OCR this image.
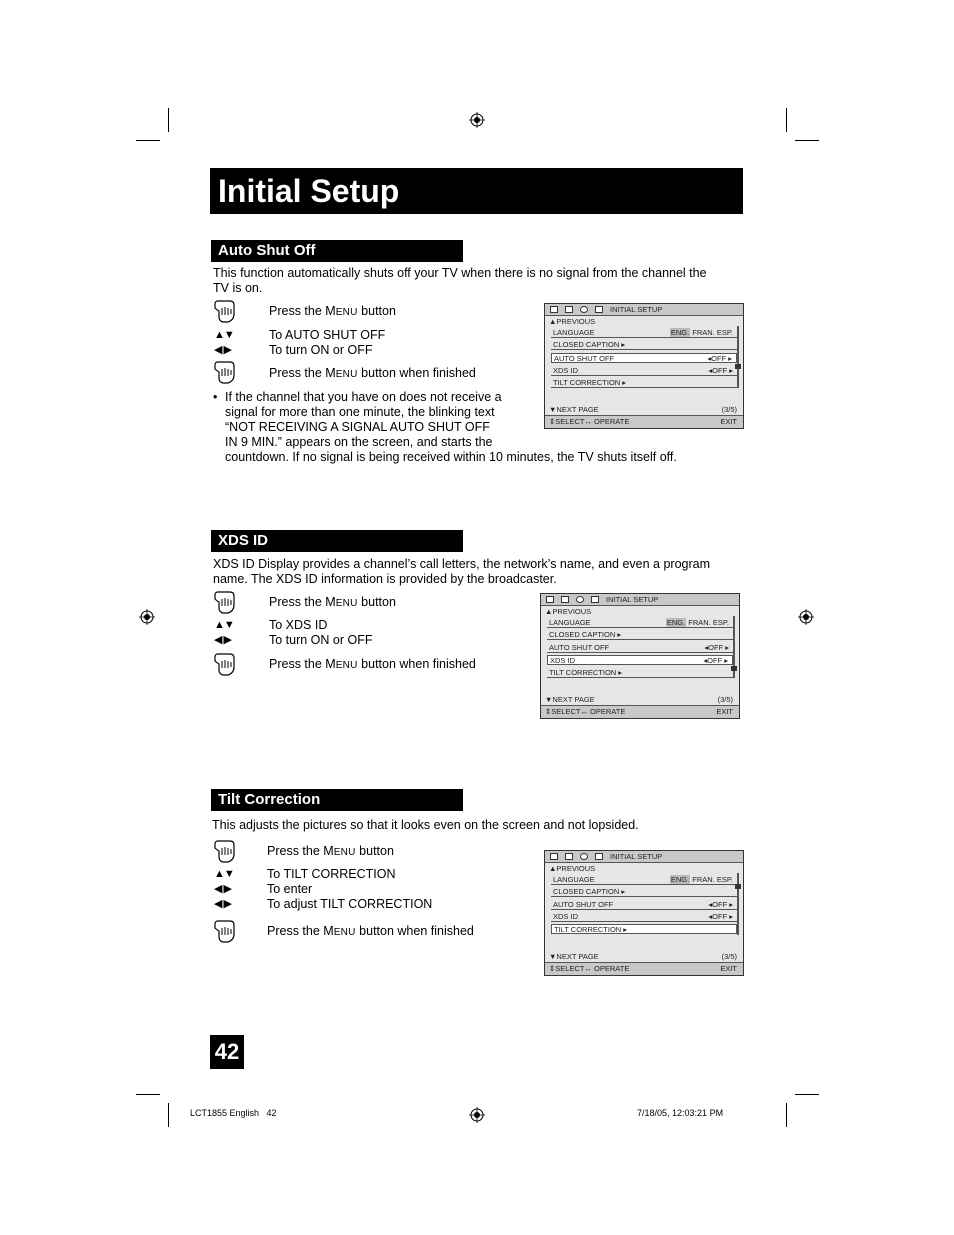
Initial Setup
Auto Shut Off
This function automatically shuts off your TV when there is no signal from the channel the TV is on.
Press the MENU button
▲▼	To AUTO SHUT OFF
◀ ▶	To turn ON or OFF
Press the MENU button when finished
• If the channel that you have on does not receive a
signal for more than one minute, the blinking text
“NOT RECEIVING A SIGNAL AUTO SHUT OFF
IN 9 MIN.” appears on the screen, and starts the
countdown. If no signal is being received within 10 minutes, the TV shuts itself off.
INITIAL SETUP
▲PREVIOUS
LANGUAGE	ENG. FRAN. ESP.
CLOSED CAPTION ▸
AUTO SHUT OFF	◂OFF ▸
XDS ID	◂OFF ▸
TILT CORRECTION ▸
▼NEXT PAGE	(3/5)
⇕SELECT↔ OPERATE	EXIT
XDS ID
XDS ID Display provides a channel’s call letters, the network’s name, and even a program name. The XDS ID information is provided by the broadcaster.
Press the MENU button
▲▼	To XDS ID
◀ ▶	To turn ON or OFF
Press the MENU button when finished
INITIAL SETUP
▲PREVIOUS
LANGUAGE	ENG. FRAN. ESP.
CLOSED CAPTION ▸
AUTO SHUT OFF	◂OFF ▸
XDS ID	◂OFF ▸
TILT CORRECTION ▸
▼NEXT PAGE	(3/5)
⇕SELECT↔ OPERATE	EXIT
Tilt Correction
This adjusts the pictures so that it looks even on the screen and not lopsided.
Press the MENU button
▲▼	To TILT CORRECTION
◀ ▶	To enter
◀ ▶	To adjust TILT CORRECTION
Press the MENU button when finished
INITIAL SETUP
▲PREVIOUS
LANGUAGE	ENG. FRAN. ESP.
CLOSED CAPTION ▸
AUTO SHUT OFF	◂OFF ▸
XDS ID	◂OFF ▸
TILT CORRECTION ▸
▼NEXT PAGE	(3/5)
⇕SELECT↔ OPERATE	EXIT
42
LCT1855 English   42	7/18/05, 12:03:21 PM
